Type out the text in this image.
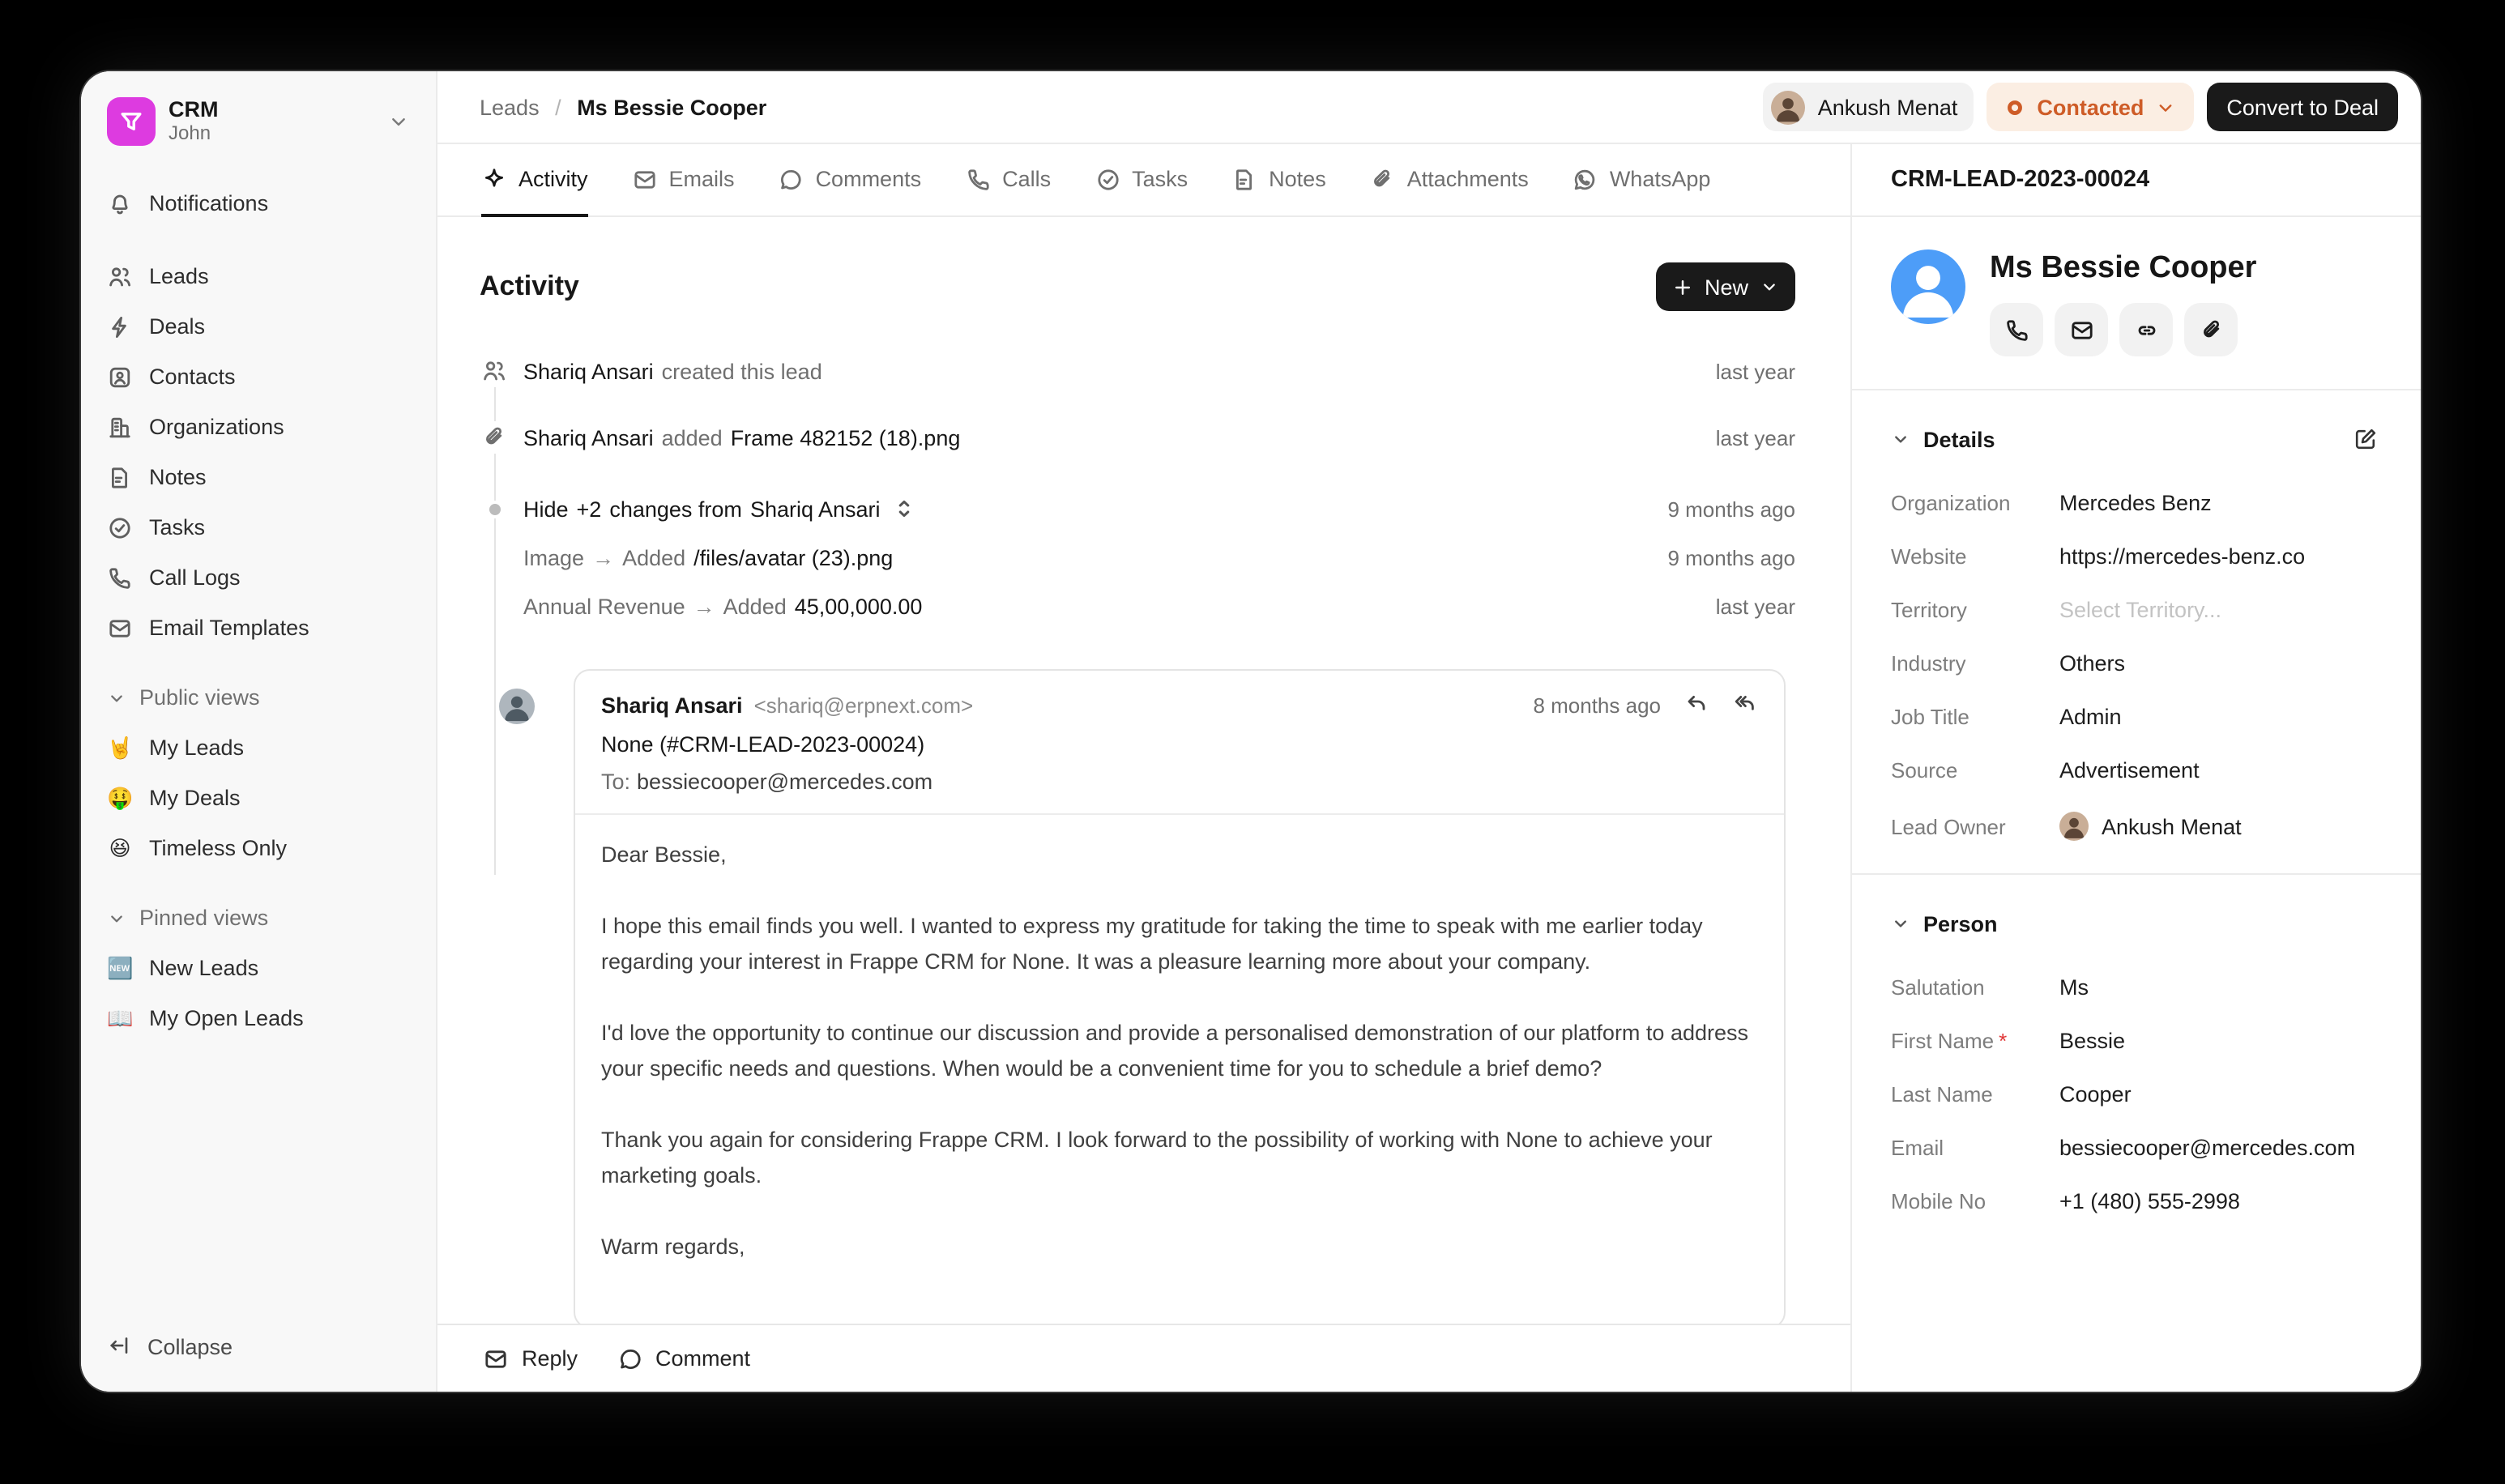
CRM
John
Notifications
Leads
Deals
Contacts
Organizations
Notes
Tasks
Call Logs
Email Templates
Public views
🤘 My Leads
🤑 My Deals
😆 Timeless Only
Pinned views
🆕 New Leads
📖 My Open Leads
Collapse
Leads / Ms Bessie Cooper	Ankush Menat	Contacted	Convert to Deal
Activity	Emails	Comments	Calls	Tasks	Notes	Attachments	WhatsApp
Activity	New
Shariq Ansari created this lead	last year
Shariq Ansari added Frame 482152 (18).png	last year
Hide +2 changes from Shariq Ansari	9 months ago
Image → Added /files/avatar (23).png	9 months ago
Annual Revenue → Added 45,00,000.00	last year
Shariq Ansari <shariq@erpnext.com>	8 months ago
None (#CRM-LEAD-2023-00024)
To: bessiecooper@mercedes.com

Dear Bessie,

I hope this email finds you well. I wanted to express my gratitude for taking the time to speak with me earlier today regarding your interest in Frappe CRM for None. It was a pleasure learning more about your company.

I'd love the opportunity to continue our discussion and provide a personalised demonstration of our platform to address your specific needs and questions. When would be a convenient time for you to schedule a brief demo?

Thank you again for considering Frappe CRM. I look forward to the possibility of working with None to achieve your marketing goals.

Warm regards,

Reply	Comment
CRM-LEAD-2023-00024
Ms Bessie Cooper
Details
Organization	Mercedes Benz
Website	https://mercedes-benz.co
Territory	Select Territory...
Industry	Others
Job Title	Admin
Source	Advertisement
Lead Owner	Ankush Menat
Person
Salutation	Ms
First Name *	Bessie
Last Name	Cooper
Email	bessiecooper@mercedes.com
Mobile No	+1 (480) 555-2998
